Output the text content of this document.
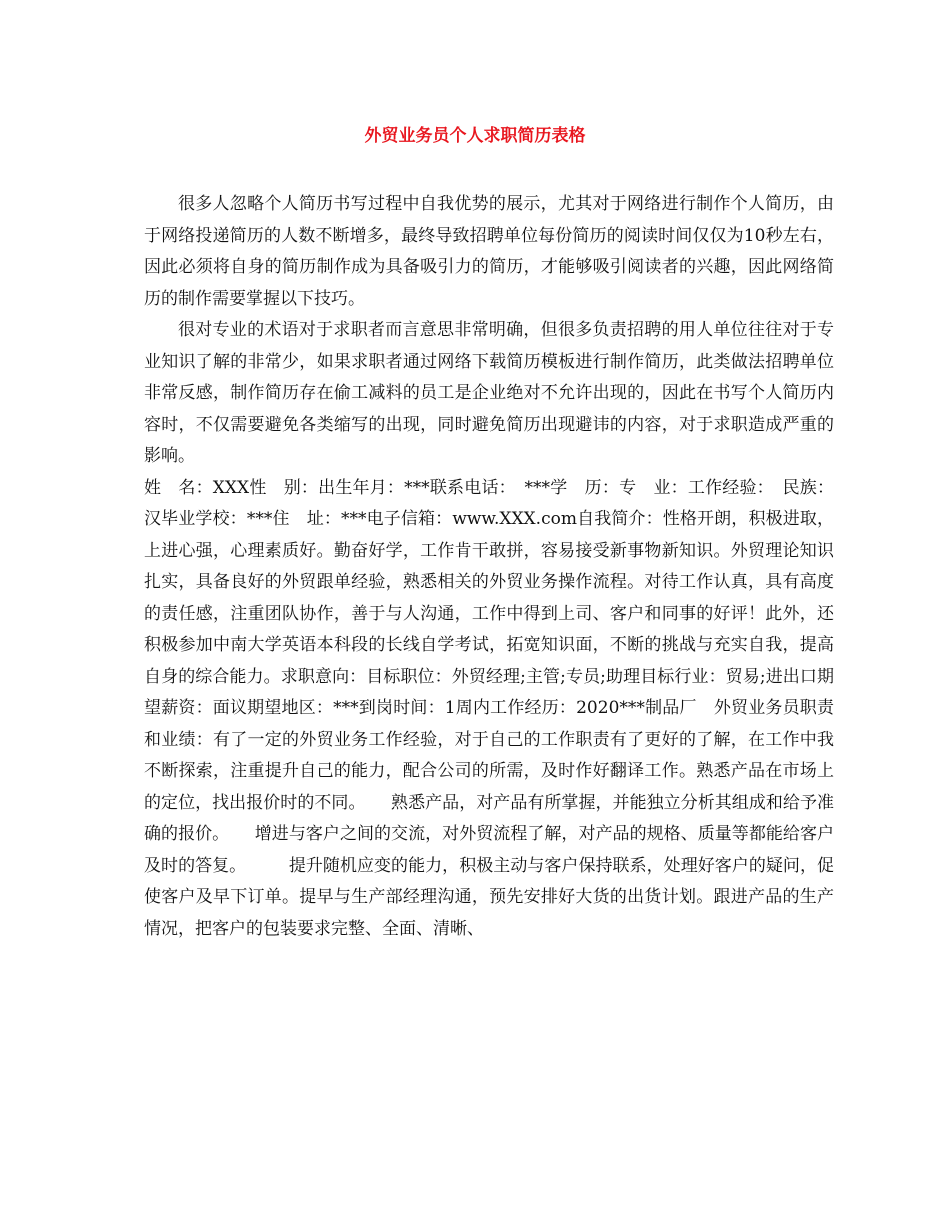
外贸业务员个人求职简历表格

很多人忽略个人简历书写过程中自我优势的展示，尤其对于网络进行制作个人简历，由于网络投递简历的人数不断增多，最终导致招聘单位每份简历的阅读时间仅仅为10秒左右，因此必须将自身的简历制作成为具备吸引力的简历，才能够吸引阅读者的兴趣，因此网络简历的制作需要掌握以下技巧。

很对专业的术语对于求职者而言意思非常明确，但很多负责招聘的用人单位往往对于专业知识了解的非常少，如果求职者通过网络下载简历模板进行制作简历，此类做法招聘单位非常反感，制作简历存在偷工减料的员工是企业绝对不允许出现的，因此在书写个人简历内容时，不仅需要避免各类缩写的出现，同时避免简历出现避讳的内容，对于求职造成严重的影响。

姓　名：XXX性　别：出生年月：***联系电话：　***学　历：专　业：工作经验：　民族：汉毕业学校：***住　址：***电子信箱：www.XXX.com自我简介：性格开朗，积极进取，上进心强，心理素质好。勤奋好学，工作肯干敢拼，容易接受新事物新知识。外贸理论知识扎实，具备良好的外贸跟单经验，熟悉相关的外贸业务操作流程。对待工作认真，具有高度的责任感，注重团队协作，善于与人沟通，工作中得到上司、客户和同事的好评！此外，还积极参加中南大学英语本科段的长线自学考试，拓宽知识面，不断的挑战与充实自我，提高自身的综合能力。求职意向：目标职位：外贸经理;主管;专员;助理目标行业：贸易;进出口期望薪资：面议期望地区：***到岗时间：1周内工作经历：2020***制品厂　外贸业务员职责和业绩：有了一定的外贸业务工作经验，对于自己的工作职责有了更好的了解，在工作中我不断探索，注重提升自己的能力，配合公司的所需，及时作好翻译工作。熟悉产品在市场上的定位，找出报价时的不同。　　熟悉产品，对产品有所掌握，并能独立分析其组成和给予准确的报价。　　增进与客户之间的交流，对外贸流程了解，对产品的规格、质量等都能给客户及时的答复。　　　提升随机应变的能力，积极主动与客户保持联系，处理好客户的疑问，促使客户及早下订单。提早与生产部经理沟通，预先安排好大货的出货计划。跟进产品的生产情况，把客户的包装要求完整、全面、清晰、
